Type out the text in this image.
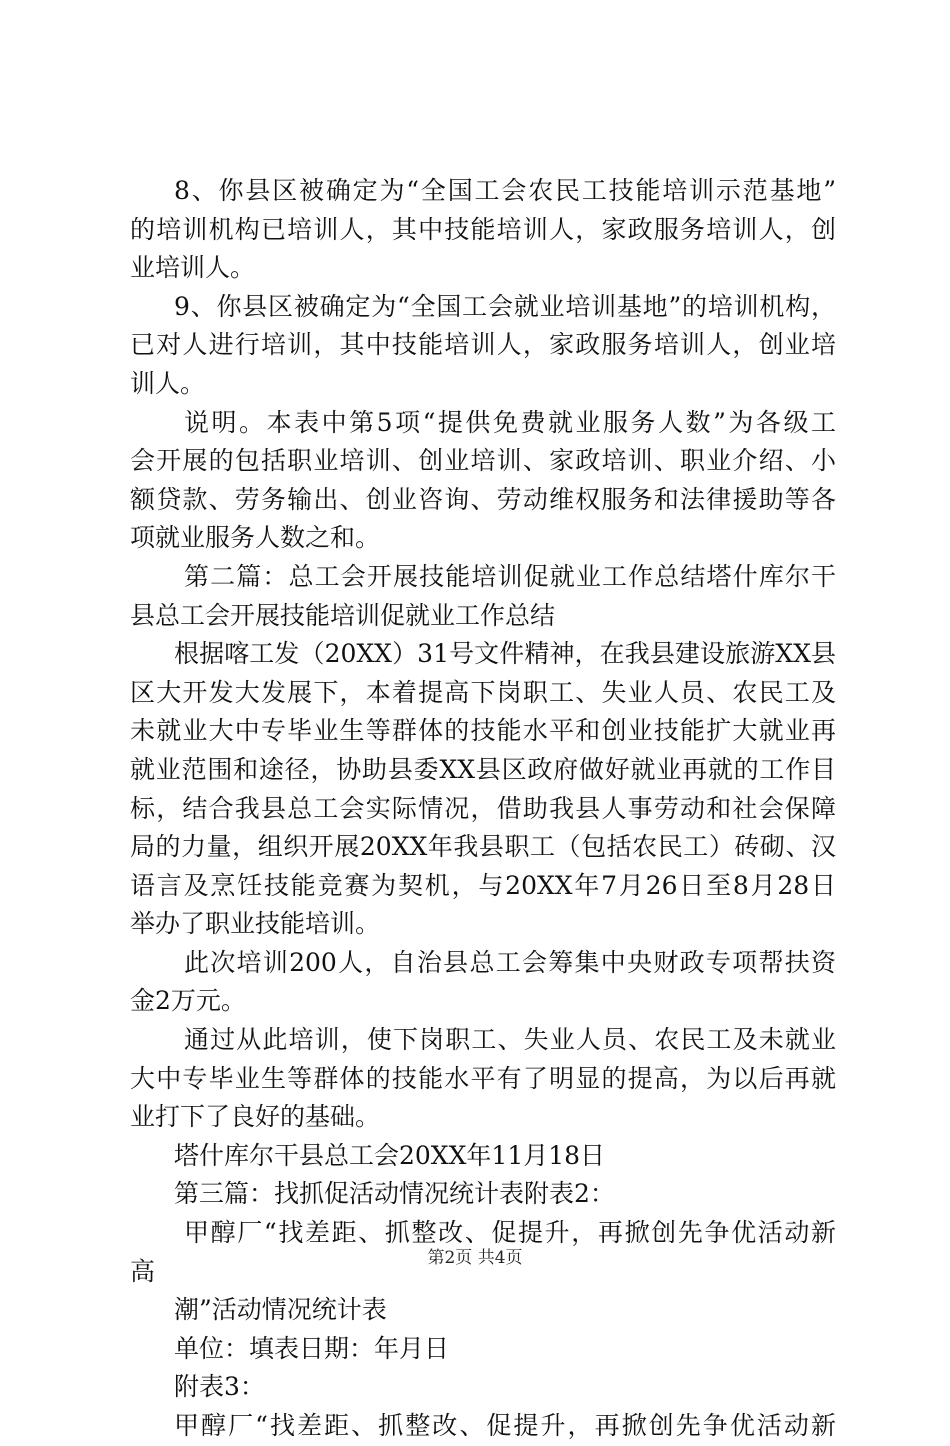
8、你县区被确定为“全国工会农民工技能培训示范基地”
的培训机构已培训人，其中技能培训人，家政服务培训人，创
业培训人。
9、你县区被确定为“全国工会就业培训基地”的培训机构，
已对人进行培训，其中技能培训人，家政服务培训人，创业培
训人。
说明。本表中第5项“提供免费就业服务人数”为各级工
会开展的包括职业培训、创业培训、家政培训、职业介绍、小
额贷款、劳务输出、创业咨询、劳动维权服务和法律援助等各
项就业服务人数之和。
第二篇：总工会开展技能培训促就业工作总结塔什库尔干
县总工会开展技能培训促就业工作总结
根据喀工发（20XX）31号文件精神，在我县建设旅游XX县
区大开发大发展下，本着提高下岗职工、失业人员、农民工及
未就业大中专毕业生等群体的技能水平和创业技能扩大就业再
就业范围和途径，协助县委XX县区政府做好就业再就的工作目
标，结合我县总工会实际情况，借助我县人事劳动和社会保障
局的力量，组织开展20XX年我县职工（包括农民工）砖砌、汉
语言及烹饪技能竞赛为契机，与20XX年7月26日至8月28日
举办了职业技能培训。
此次培训200人，自治县总工会筹集中央财政专项帮扶资
金2万元。
通过从此培训，使下岗职工、失业人员、农民工及未就业
大中专毕业生等群体的技能水平有了明显的提高，为以后再就
业打下了良好的基础。
塔什库尔干县总工会20XX年11月18日
第三篇：找抓促活动情况统计表附表2：
甲醇厂“找差距、抓整改、促提升，再掀创先争优活动新
高
潮”活动情况统计表
单位：填表日期：年月日
附表3：
甲醇厂“找差距、抓整改、促提升，再掀创先争优活动新
第2页 共4页
